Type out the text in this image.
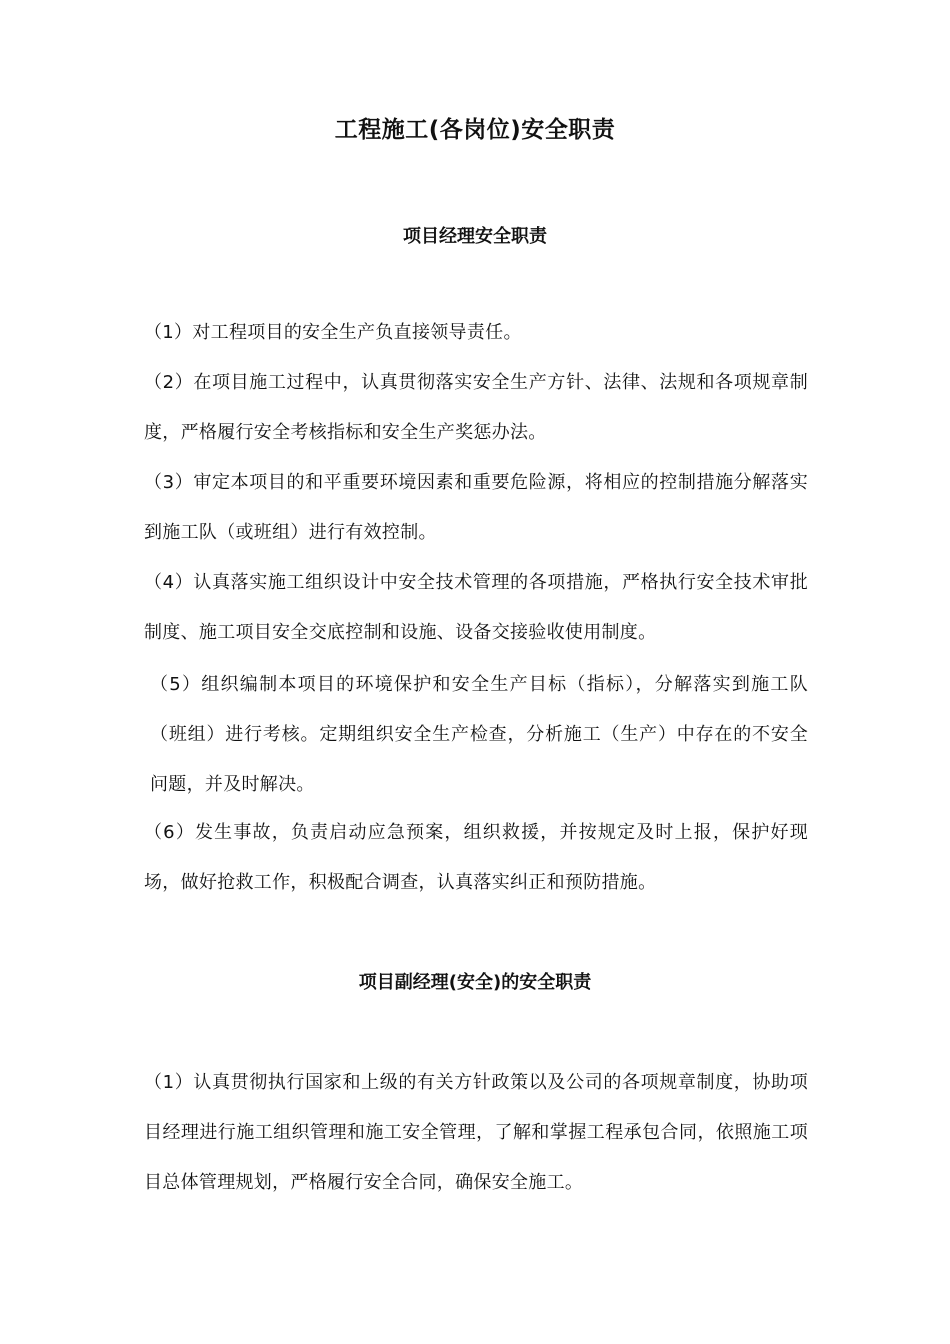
工程施工(各岗位)安全职责
项目经理安全职责
（1）对工程项目的安全生产负直接领导责任。
（2）在项目施工过程中，认真贯彻落实安全生产方针、法律、法规和各项规章制度，严格履行安全考核指标和安全生产奖惩办法。
（3）审定本项目的和平重要环境因素和重要危险源，将相应的控制措施分解落实到施工队（或班组）进行有效控制。
（4）认真落实施工组织设计中安全技术管理的各项措施，严格执行安全技术审批制度、施工项目安全交底控制和设施、设备交接验收使用制度。
（5）组织编制本项目的环境保护和安全生产目标（指标），分解落实到施工队（班组）进行考核。定期组织安全生产检查，分析施工（生产）中存在的不安全问题，并及时解决。
（6）发生事故，负责启动应急预案，组织救援，并按规定及时上报，保护好现场，做好抢救工作，积极配合调查，认真落实纠正和预防措施。
项目副经理(安全)的安全职责
（1）认真贯彻执行国家和上级的有关方针政策以及公司的各项规章制度，协助项目经理进行施工组织管理和施工安全管理，了解和掌握工程承包合同，依照施工项目总体管理规划，严格履行安全合同，确保安全施工。
